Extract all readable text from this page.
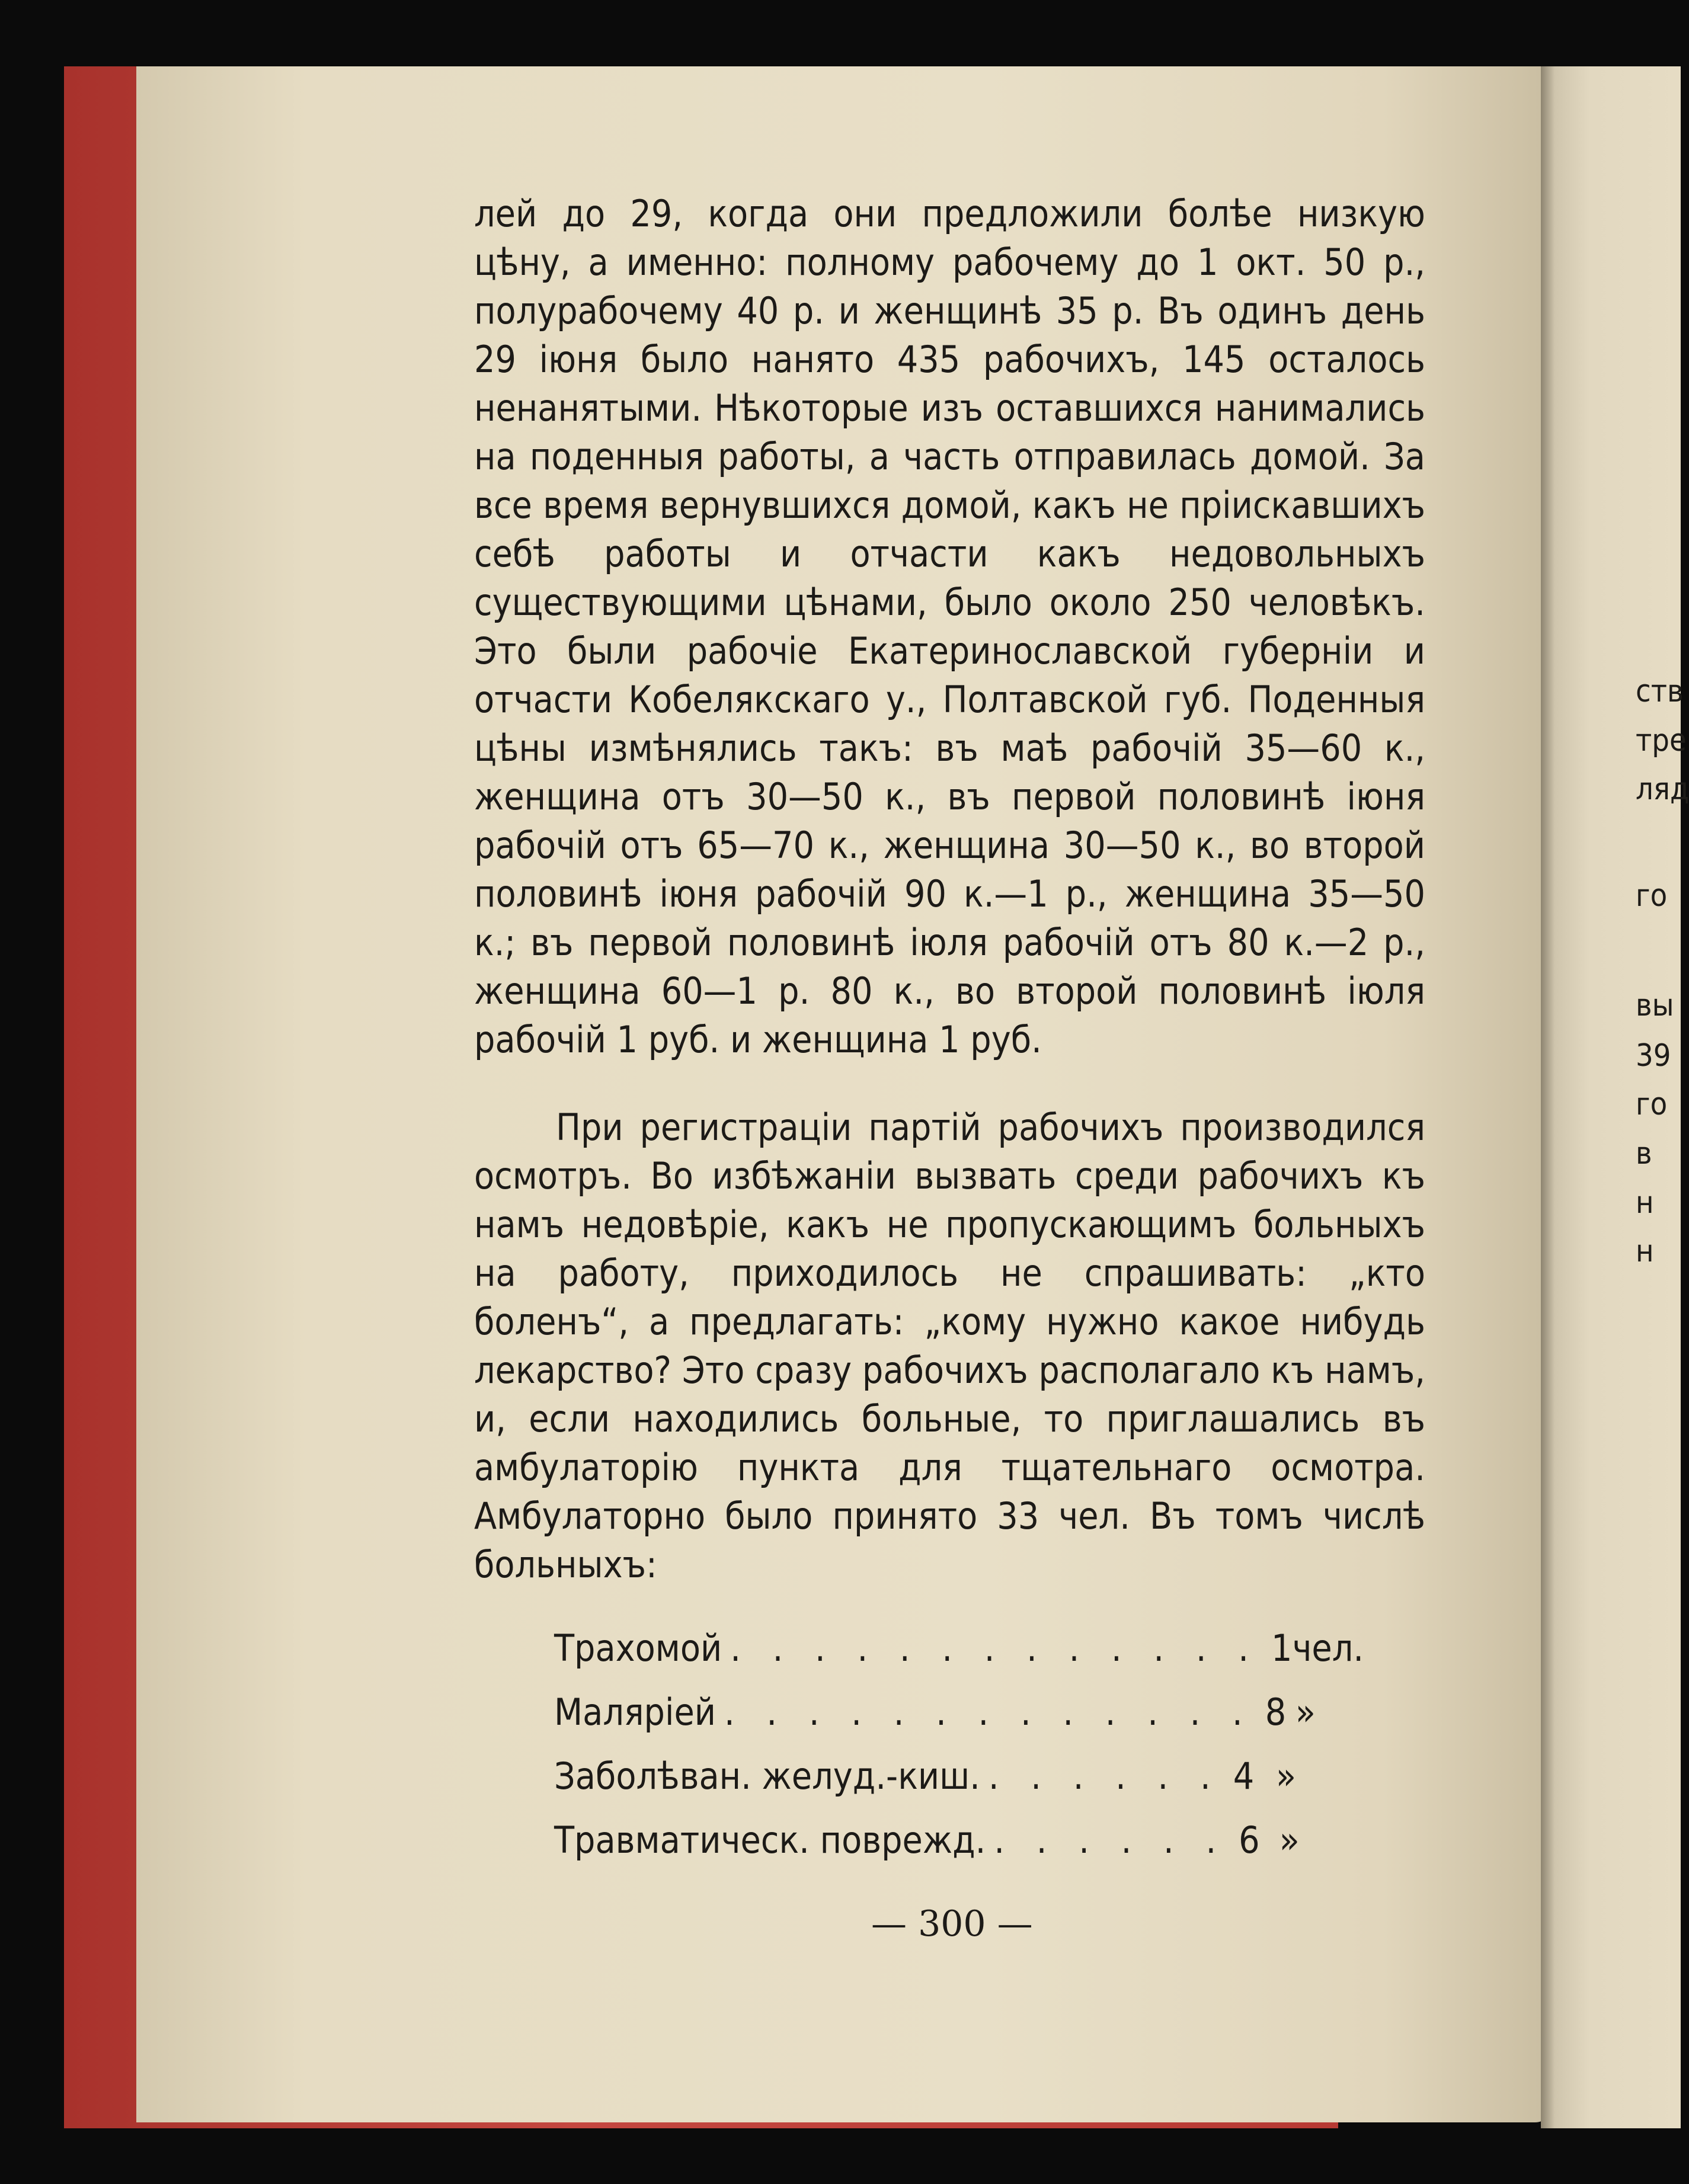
ств
тре
ляд
го
вы
39
го
в
н
н

лей до 29, когда они предложили болѣе низкую цѣну, а именно: полному рабочему до 1 окт. 50 р., полурабочему 40 р. и женщинѣ 35 р. Въ одинъ день 29 іюня было нанято 435 рабочихъ, 145 осталось ненанятыми. Нѣкоторые изъ оставшихся нанимались на поденныя работы, а часть отправилась домой. За все время вернувшихся домой, какъ не пріискавшихъ себѣ работы и отчасти какъ недовольныхъ существующими цѣнами, было около 250 человѣкъ. Это были рабочіе Екатеринославской губерніи и отчасти Кобелякскаго у., Полтавской губ. Поденныя цѣны измѣнялись такъ: въ маѣ рабочій 35—60 к., женщина отъ 30—50 к., въ первой половинѣ іюня рабочій отъ 65—70 к., женщина 30—50 к., во второй половинѣ іюня рабочій 90 к.—1 р., женщина 35—50 к.; въ первой половинѣ іюля рабочій отъ 80 к.—2 р., женщина 60—1 р. 80 к., во второй половинѣ іюля рабочій 1 руб. и женщина 1 руб.

При регистраціи партій рабочихъ производился осмотръ. Во избѣжаніи вызвать среди рабочихъ къ намъ недовѣріе, какъ не пропускающимъ больныхъ на работу, приходилось не спрашивать: „кто боленъ“, а предлагать: „кому нужно какое нибудь лекарство? Это сразу рабочихъ располагало къ намъ, и, если находились больные, то приглашались въ амбулаторію пункта для тщательнаго осмотра. Амбулаторно было принято 33 чел. Въ томъ числѣ больныхъ:

Трахомой . . . . . . . . . . . . . 1 чел.
Малярiей . . . . . . . . . . . . . 8 »
Заболѣван. желуд.-киш. . . . . . . 4 »
Травматическ. поврежд. . . . . . . 6 »
— 300 —
